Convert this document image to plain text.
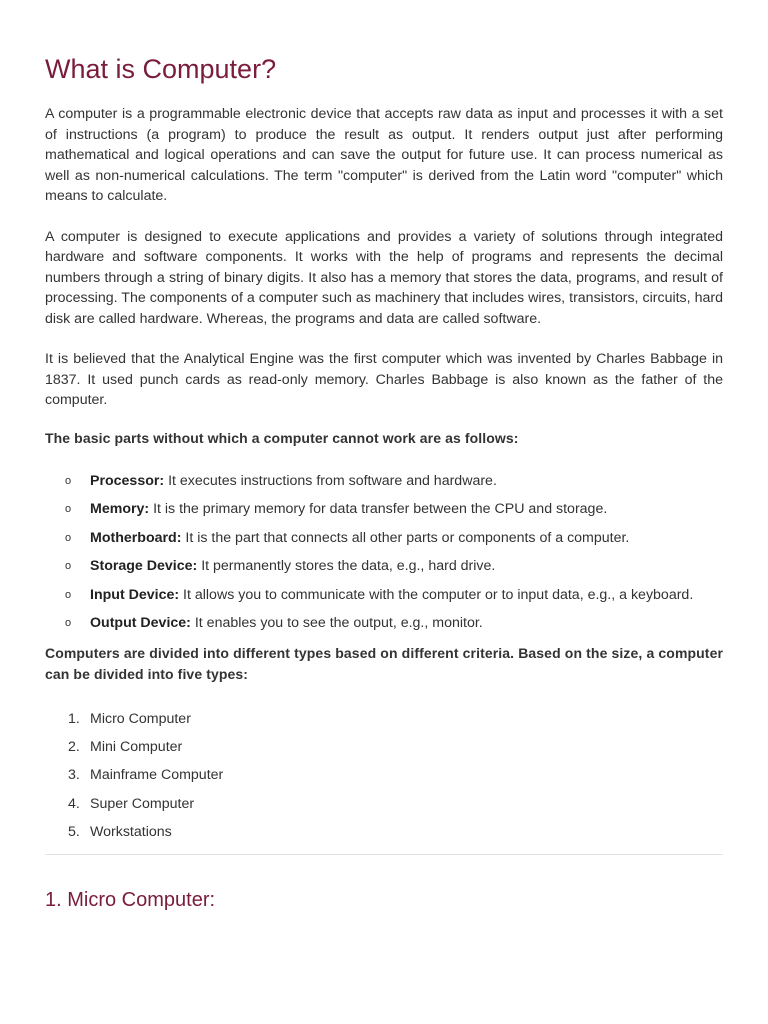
What is Computer?

A computer is a programmable electronic device that accepts raw data as input and processes it with a set of instructions (a program) to produce the result as output. It renders output just after performing mathematical and logical operations and can save the output for future use. It can process numerical as well as non-numerical calculations. The term "computer" is derived from the Latin word "computer" which means to calculate.

A computer is designed to execute applications and provides a variety of solutions through integrated hardware and software components. It works with the help of programs and represents the decimal numbers through a string of binary digits. It also has a memory that stores the data, programs, and result of processing. The components of a computer such as machinery that includes wires, transistors, circuits, hard disk are called hardware. Whereas, the programs and data are called software.

It is believed that the Analytical Engine was the first computer which was invented by Charles Babbage in 1837. It used punch cards as read-only memory. Charles Babbage is also known as the father of the computer.

The basic parts without which a computer cannot work are as follows:

o Processor: It executes instructions from software and hardware.
o Memory: It is the primary memory for data transfer between the CPU and storage.
o Motherboard: It is the part that connects all other parts or components of a computer.
o Storage Device: It permanently stores the data, e.g., hard drive.
o Input Device: It allows you to communicate with the computer or to input data, e.g., a keyboard.
o Output Device: It enables you to see the output, e.g., monitor.

Computers are divided into different types based on different criteria. Based on the size, a computer can be divided into five types:

1. Micro Computer
2. Mini Computer
3. Mainframe Computer
4. Super Computer
5. Workstations
1. Micro Computer:
